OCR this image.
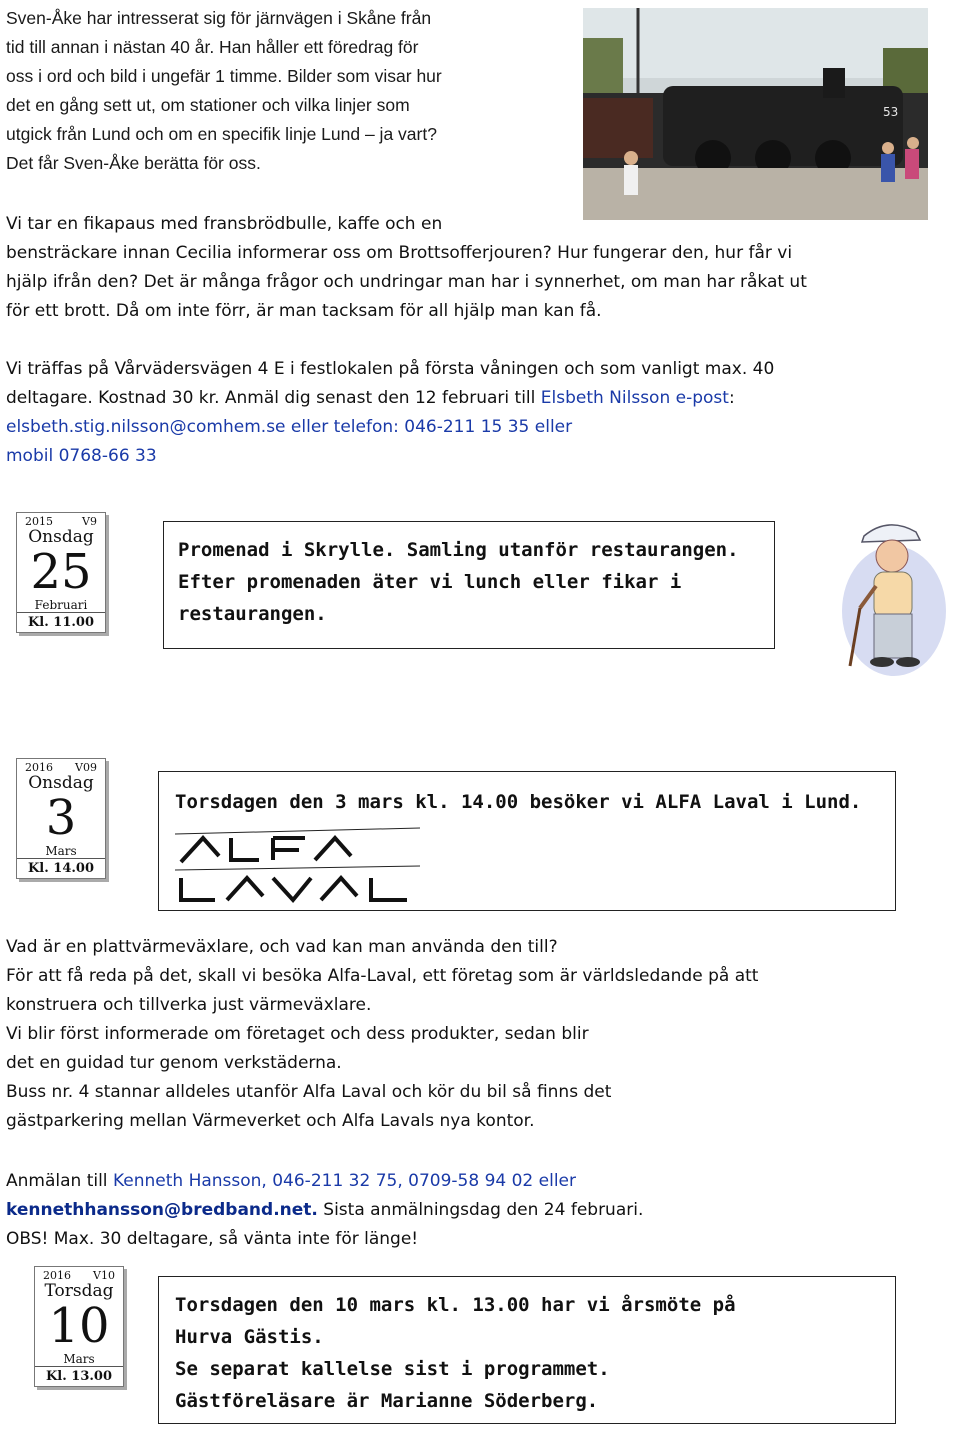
Sven-Åke har intresserat sig för järnvägen i Skåne från
tid till annan i nästan 40 år. Han håller ett föredrag för
oss i ord och bild i ungefär 1 timme. Bilder som visar hur
det en gång sett ut, om stationer och vilka linjer som
utgick från Lund och om en specifik linje Lund – ja vart?
Det får Sven-Åke berätta för oss.
53
Vi tar en fikapaus med fransbrödbulle, kaffe och en
bensträckare innan Cecilia informerar oss om Brottsofferjouren? Hur fungerar den, hur får vi
hjälp ifrån den? Det är många frågor och undringar man har i synnerhet, om man har råkat ut
för ett brott. Då om inte förr, är man tacksam för all hjälp man kan få.
Vi träffas på Vårvädersvägen 4 E i festlokalen på första våningen och som vanligt max. 40
deltagare. Kostnad 30 kr. Anmäl dig senast den 12 februari till Elsbeth Nilsson e-post:
elsbeth.stig.nilsson@comhem.se eller telefon: 046-211 15 35 eller
mobil 0768-66 33
2015	V9
Onsdag
25
Februari
Kl. 11.00
Promenad i Skrylle. Samling utanför restaurangen.
Efter promenaden äter vi lunch eller fikar i
restaurangen.
2016 V09
Onsdag
3
Mars
Kl. 14.00
Torsdagen den 3 mars kl. 14.00 besöker vi ALFA Laval i Lund.
Vad är en plattvärmeväxlare, och vad kan man använda den till?
För att få reda på det, skall vi besöka Alfa-Laval, ett företag som är världsledande på att
konstruera och tillverka just värmeväxlare.
Vi blir först informerade om företaget och dess produkter, sedan blir
det en guidad tur genom verkstäderna.
Buss nr. 4 stannar alldeles utanför Alfa Laval och kör du bil så finns det
gästparkering mellan Värmeverket och Alfa Lavals nya kontor.
Anmälan till Kenneth Hansson, 046-211 32 75, 0709-58 94 02 eller
kennethhansson@bredband.net. Sista anmälningsdag den 24 februari.
OBS! Max. 30 deltagare, så vänta inte för länge!
2016 V10
Torsdag
10
Mars
Kl. 13.00
Torsdagen den 10 mars kl. 13.00 har vi årsmöte på
Hurva Gästis.
Se separat kallelse sist i programmet.
Gästföreläsare är Marianne Söderberg.
